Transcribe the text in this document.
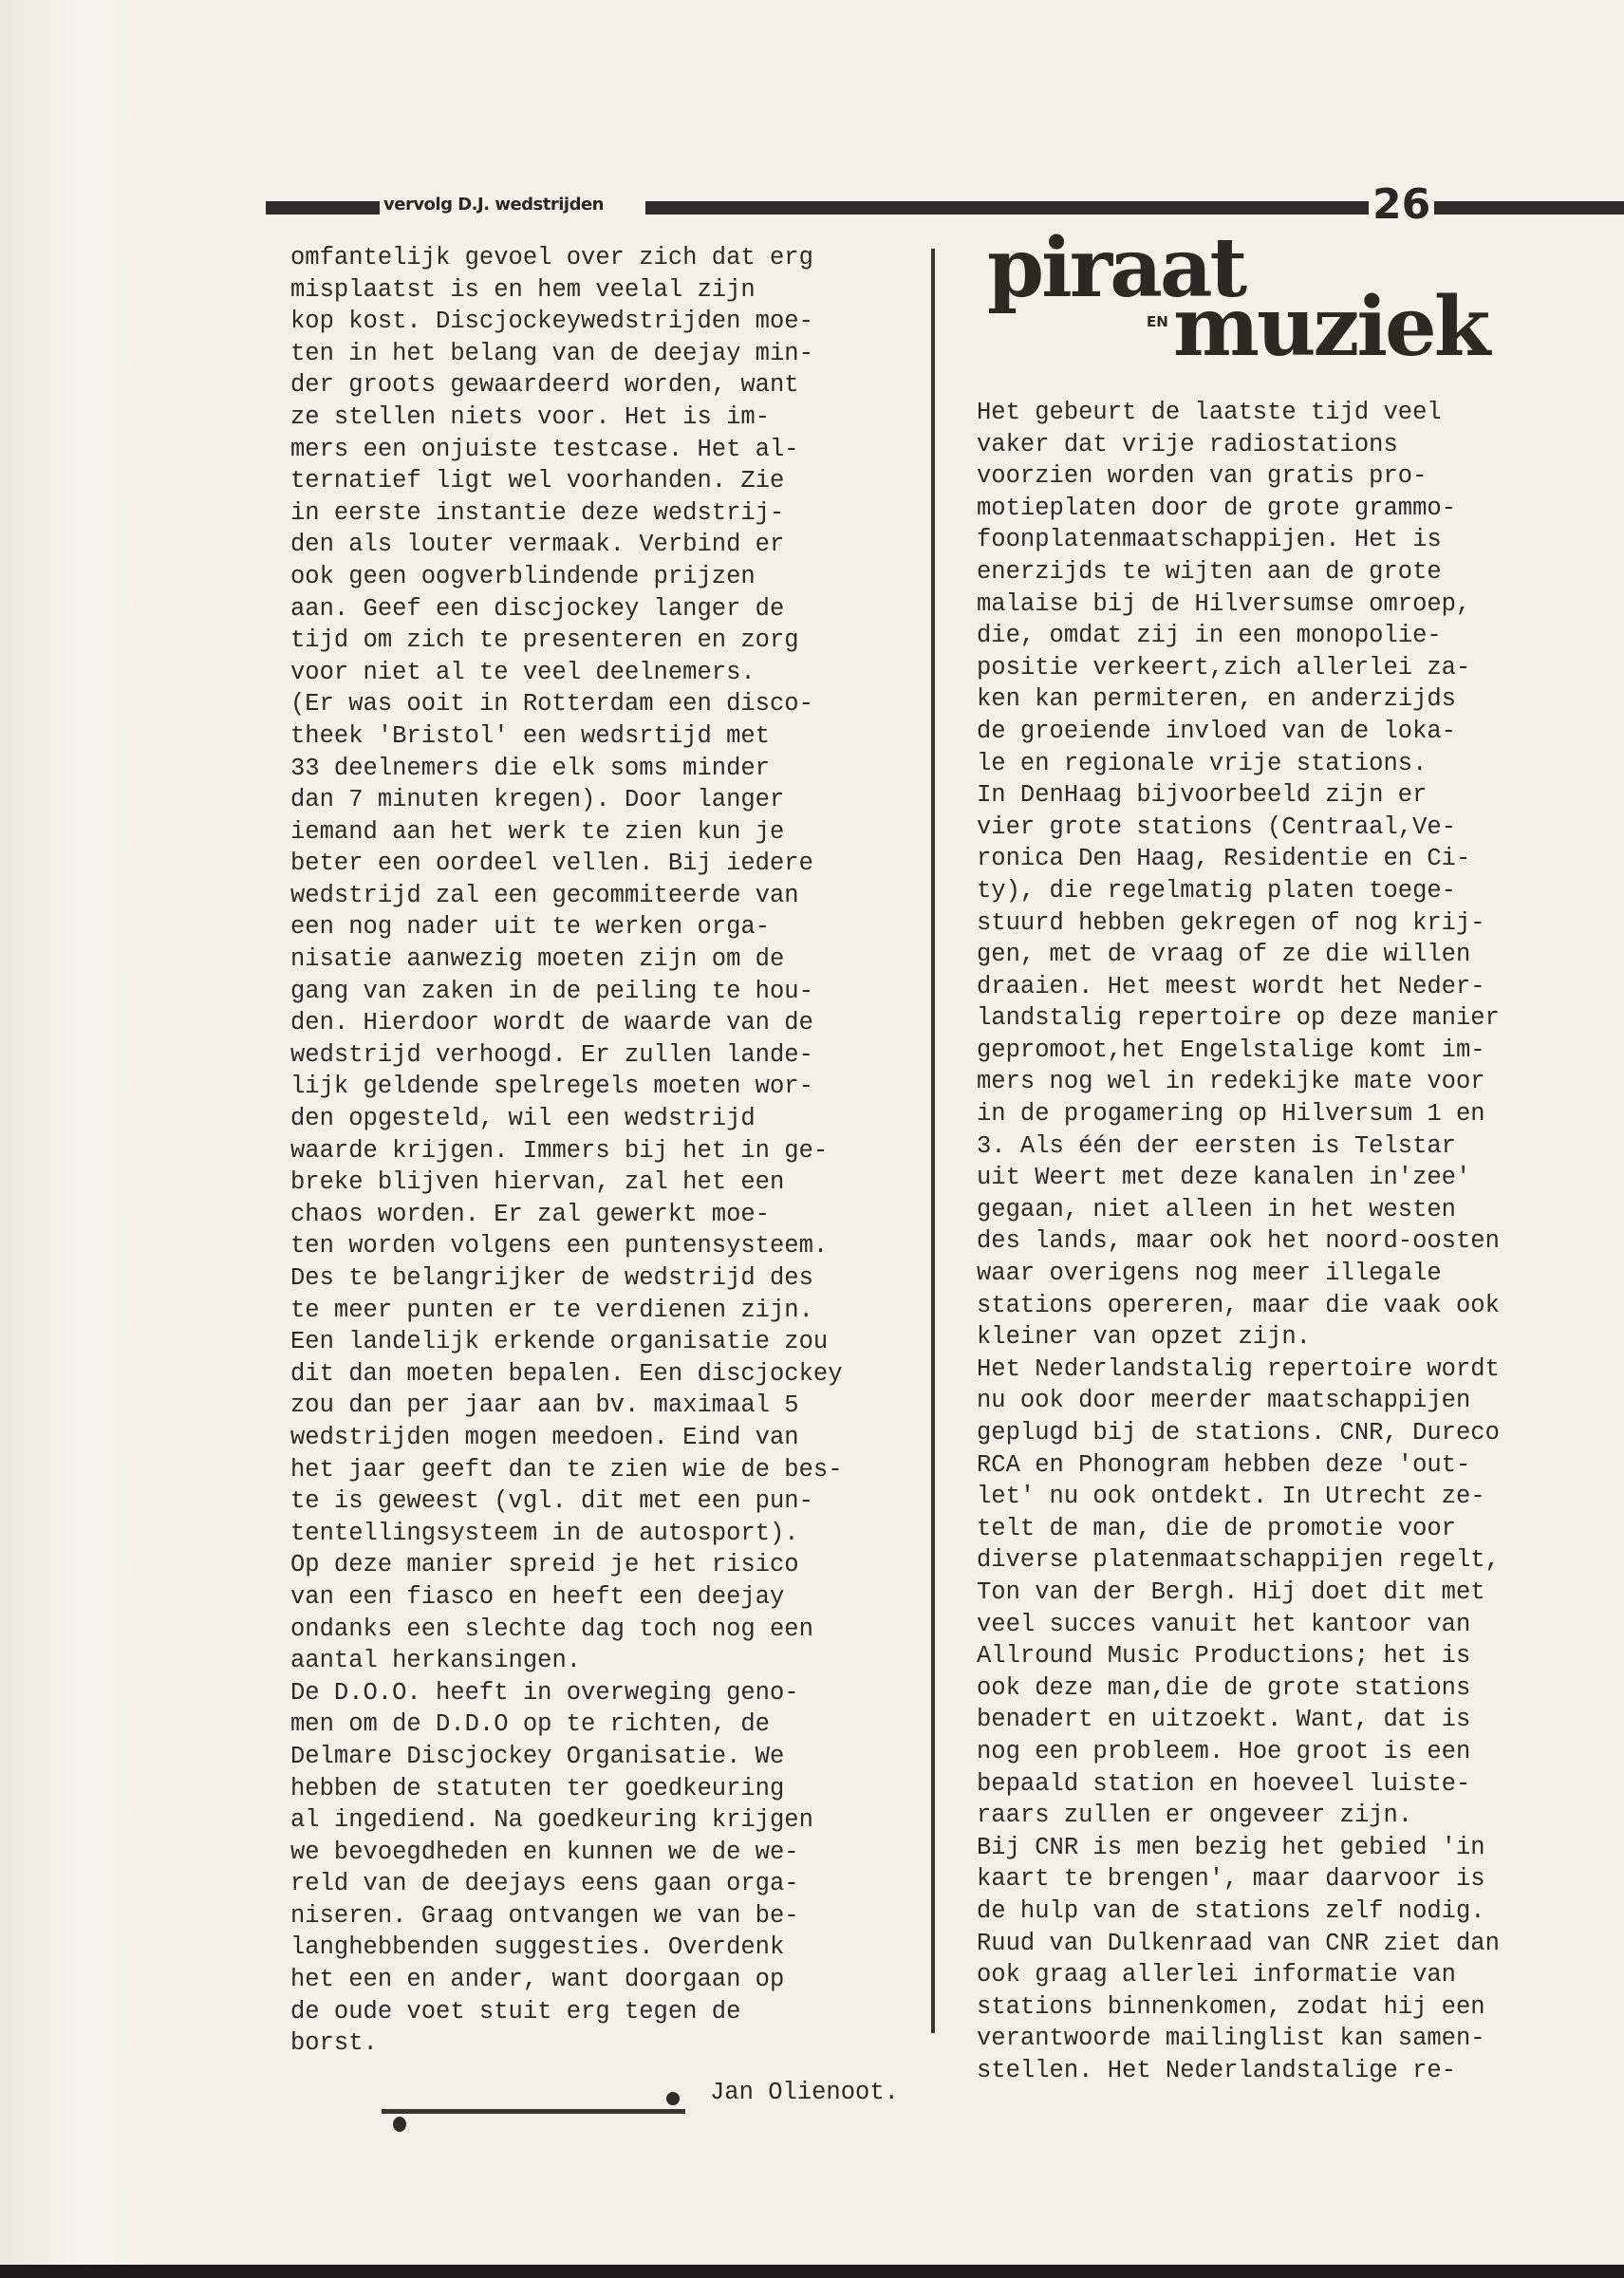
vervolg D.J. wedstrijden	26
omfantelijk gevoel over zich dat erg
misplaatst is en hem veelal zijn
kop kost. Discjockeywedstrijden moe-
ten in het belang van de deejay min-
der groots gewaardeerd worden, want
ze stellen niets voor. Het is im-
mers een onjuiste testcase. Het al-
ternatief ligt wel voorhanden. Zie
in eerste instantie deze wedstrij-
den als louter vermaak. Verbind er
ook geen oogverblindende prijzen
aan. Geef een discjockey langer de
tijd om zich te presenteren en zorg
voor niet al te veel deelnemers.
(Er was ooit in Rotterdam een disco-
theek 'Bristol' een wedsrtijd met
33 deelnemers die elk soms minder
dan 7 minuten kregen). Door langer
iemand aan het werk te zien kun je
beter een oordeel vellen. Bij iedere
wedstrijd zal een gecommiteerde van
een nog nader uit te werken orga-
nisatie aanwezig moeten zijn om de
gang van zaken in de peiling te hou-
den. Hierdoor wordt de waarde van de
wedstrijd verhoogd. Er zullen lande-
lijk geldende spelregels moeten wor-
den opgesteld, wil een wedstrijd
waarde krijgen. Immers bij het in ge-
breke blijven hiervan, zal het een
chaos worden. Er zal gewerkt moe-
ten worden volgens een puntensysteem.
Des te belangrijker de wedstrijd des
te meer punten er te verdienen zijn.
Een landelijk erkende organisatie zou
dit dan moeten bepalen. Een discjockey
zou dan per jaar aan bv. maximaal 5
wedstrijden mogen meedoen. Eind van
het jaar geeft dan te zien wie de bes-
te is geweest (vgl. dit met een pun-
tentellingsysteem in de autosport).
Op deze manier spreid je het risico
van een fiasco en heeft een deejay
ondanks een slechte dag toch nog een
aantal herkansingen.
De D.O.O. heeft in overweging geno-
men om de D.D.O op te richten, de
Delmare Discjockey Organisatie. We
hebben de statuten ter goedkeuring
al ingediend. Na goedkeuring krijgen
we bevoegdheden en kunnen we de we-
reld van de deejays eens gaan orga-
niseren. Graag ontvangen we van be-
langhebbenden suggesties. Overdenk
het een en ander, want doorgaan op
de oude voet stuit erg tegen de
borst.
piraat
EN muziek
Het gebeurt de laatste tijd veel
vaker dat vrije radiostations
voorzien worden van gratis pro-
motieplaten door de grote grammo-
foonplatenmaatschappijen. Het is
enerzijds te wijten aan de grote
malaise bij de Hilversumse omroep,
die, omdat zij in een monopolie-
positie verkeert,zich allerlei za-
ken kan permiteren, en anderzijds
de groeiende invloed van de loka-
le en regionale vrije stations.
In DenHaag bijvoorbeeld zijn er
vier grote stations (Centraal,Ve-
ronica Den Haag, Residentie en Ci-
ty), die regelmatig platen toege-
stuurd hebben gekregen of nog krij-
gen, met de vraag of ze die willen
draaien. Het meest wordt het Neder-
landstalig repertoire op deze manier
gepromoot,het Engelstalige komt im-
mers nog wel in redekijke mate voor
in de progamering op Hilversum 1 en
3. Als één der eersten is Telstar
uit Weert met deze kanalen in'zee'
gegaan, niet alleen in het westen
des lands, maar ook het noord-oosten
waar overigens nog meer illegale
stations opereren, maar die vaak ook
kleiner van opzet zijn.
Het Nederlandstalig repertoire wordt
nu ook door meerder maatschappijen
geplugd bij de stations. CNR, Dureco
RCA en Phonogram hebben deze 'out-
let' nu ook ontdekt. In Utrecht ze-
telt de man, die de promotie voor
diverse platenmaatschappijen regelt,
Ton van der Bergh. Hij doet dit met
veel succes vanuit het kantoor van
Allround Music Productions; het is
ook deze man,die de grote stations
benadert en uitzoekt. Want, dat is
nog een probleem. Hoe groot is een
bepaald station en hoeveel luiste-
raars zullen er ongeveer zijn.
Bij CNR is men bezig het gebied 'in
kaart te brengen', maar daarvoor is
de hulp van de stations zelf nodig.
Ruud van Dulkenraad van CNR ziet dan
ook graag allerlei informatie van
stations binnenkomen, zodat hij een
verantwoorde mailinglist kan samen-
stellen. Het Nederlandstalige re-
Jan Olienoot.
